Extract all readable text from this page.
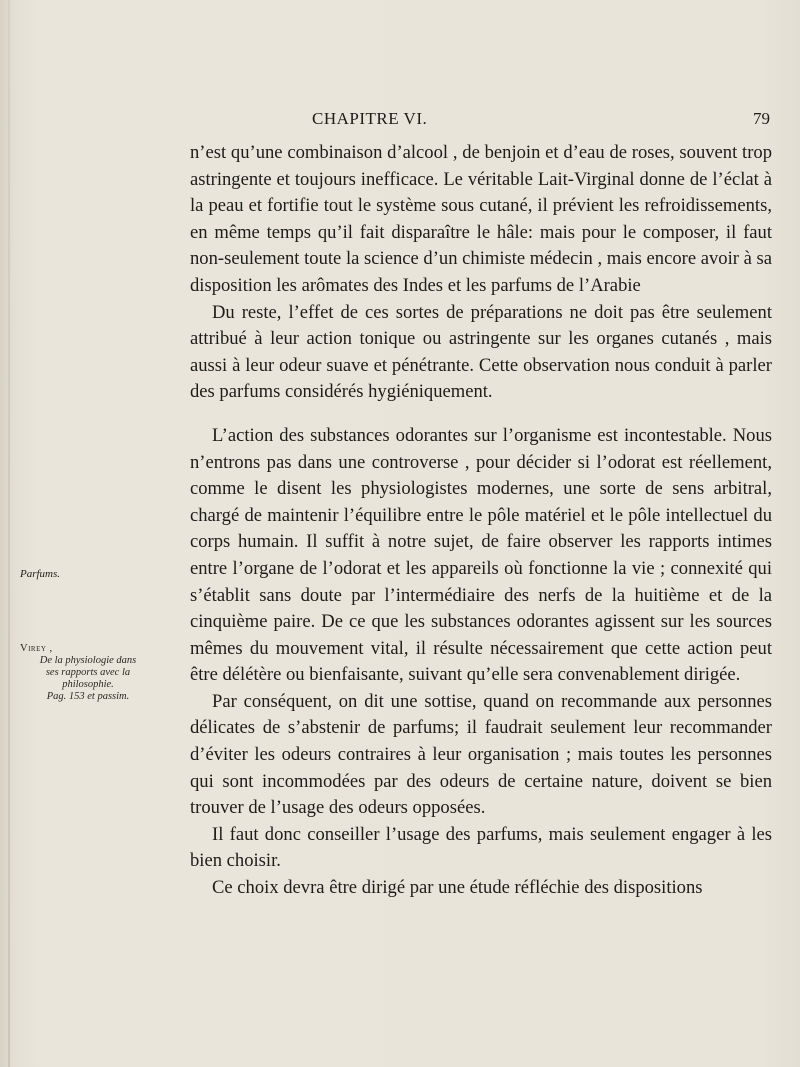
CHAPITRE VI.	79
Parfums.
Virey ,
De la physiologie dans
ses rapports avec la
philosophie.
Pag. 153 et passim.

n’est qu’une combinaison d’alcool , de benjoin et d’eau de roses, souvent trop astringente et toujours inefficace. Le véritable Lait-Virginal donne de l’éclat à la peau et fortifie tout le système sous cutané, il prévient les refroidissements, en même temps qu’il fait disparaître le hâle: mais pour le composer, il faut non-seulement toute la science d’un chimiste médecin , mais encore avoir à sa disposition les arômates des Indes et les parfums de l’Arabie

Du reste, l’effet de ces sortes de préparations ne doit pas être seulement attribué à leur action tonique ou astringente sur les organes cutanés , mais aussi à leur odeur suave et pénétrante. Cette observation nous conduit à parler des parfums considérés hygiéniquement.

L’action des substances odorantes sur l’organisme est incontestable. Nous n’entrons pas dans une controverse , pour décider si l’odorat est réellement, comme le disent les physiologistes modernes, une sorte de sens arbitral, chargé de maintenir l’équilibre entre le pôle matériel et le pôle intellectuel du corps humain. Il suffit à notre sujet, de faire observer les rapports intimes entre l’organe de l’odorat et les appareils où fonctionne la vie ; connexité qui s’établit sans doute par l’intermédiaire des nerfs de la huitième et de la cinquième paire. De ce que les substances odorantes agissent sur les sources mêmes du mouvement vital, il résulte nécessairement que cette action peut être délétère ou bienfaisante, suivant qu’elle sera convenablement dirigée.

Par conséquent, on dit une sottise, quand on recommande aux personnes délicates de s’abstenir de parfums; il faudrait seulement leur recommander d’éviter les odeurs contraires à leur organisation ; mais toutes les personnes qui sont incommodées par des odeurs de certaine nature, doivent se bien trouver de l’usage des odeurs opposées.

Il faut donc conseiller l’usage des parfums, mais seulement engager à les bien choisir.

Ce choix devra être dirigé par une étude réfléchie des dispositions
